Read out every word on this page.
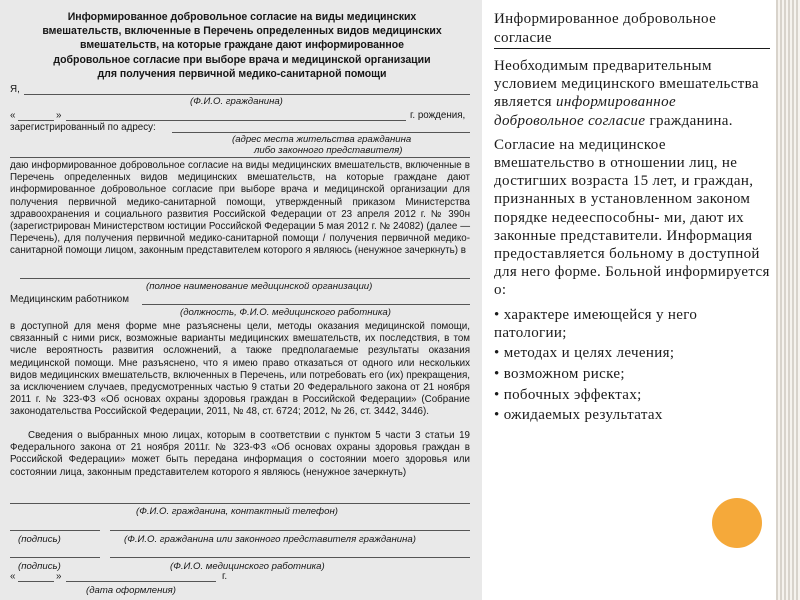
Информированное добровольное согласие на виды медицинских
вмешательств, включенные в Перечень определенных видов медицинских
вмешательств, на которые граждане дают информированное
добровольное согласие при выборе врача и медицинской организации
для получения первичной медико-санитарной помощи
Я,
(Ф.И.О. гражданина)
«	»	г. рождения,
зарегистрированный по адресу:
(адрес места жительства гражданина
либо законного представителя)
даю информированное добровольное согласие на виды медицинских вмешательств, включенные в Перечень определенных видов медицинских вмешательств, на которые граждане дают информированное добровольное согласие при выборе врача и медицинской организации для получения первичной медико-санитарной помощи, утвержденный приказом Министерства здравоохранения и социального развития Российской Федерации от 23 апреля 2012 г. № 390н (зарегистрирован Министерством юстиции Российской Федерации 5 мая 2012 г. № 24082) (далее — Перечень), для получения первичной медико-санитарной помощи / получения первичной медико-санитарной помощи лицом, законным представителем которого я являюсь (ненужное зачеркнуть) в
(полное наименование медицинской организации)
Медицинским работником
(должность, Ф.И.О. медицинского работника)
в доступной для меня форме мне разъяснены цели, методы оказания медицинской помощи, связанный с ними риск, возможные варианты медицинских вмешательств, их последствия, в том числе вероятность развития осложнений, а также предполагаемые результаты оказания медицинской помощи. Мне разъяснено, что я имею право отказаться от одного или нескольких видов медицинских вмешательств, включенных в Перечень, или потребовать его (их) прекращения, за исключением случаев, предусмотренных частью 9 статьи 20 Федерального закона от 21 ноября 2011 г. № 323-ФЗ «Об основах охраны здоровья граждан в Российской Федерации» (Собрание законодательства Российской Федерации, 2011, № 48, ст. 6724; 2012, № 26, ст. 3442, 3446).
Сведения о выбранных мною лицах, которым в соответствии с пунктом 5 части 3 статьи 19 Федерального закона от 21 ноября 2011г. № 323-ФЗ «Об основах охраны здоровья граждан в Российской Федерации» может быть передана информация о состоянии моего здоровья или состоянии лица, законным представителем которого я являюсь (ненужное зачеркнуть)
(Ф.И.О. гражданина, контактный телефон)
(подпись)	(Ф.И.О. гражданина или законного представителя гражданина)
(подпись)	(Ф.И.О. медицинского работника)
«	»	г.
(дата оформления)
Информированное добровольное согласие

Необходимым предварительным условием медицинского вмешательства является информированное добровольное согласие гражданина.

Согласие на медицинское вмешательство в отношении лиц, не достигших возраста 15 лет, и граждан, признанных в установленном законом порядке недееспособны- ми, дают их законные представители. Информация предоставляется больному в доступной для него форме. Больной информируется о:

• характере имеющейся у него патологии;
• методах и целях лечения;
• возможном риске;
• побочных эффектах;
• ожидаемых результатах
